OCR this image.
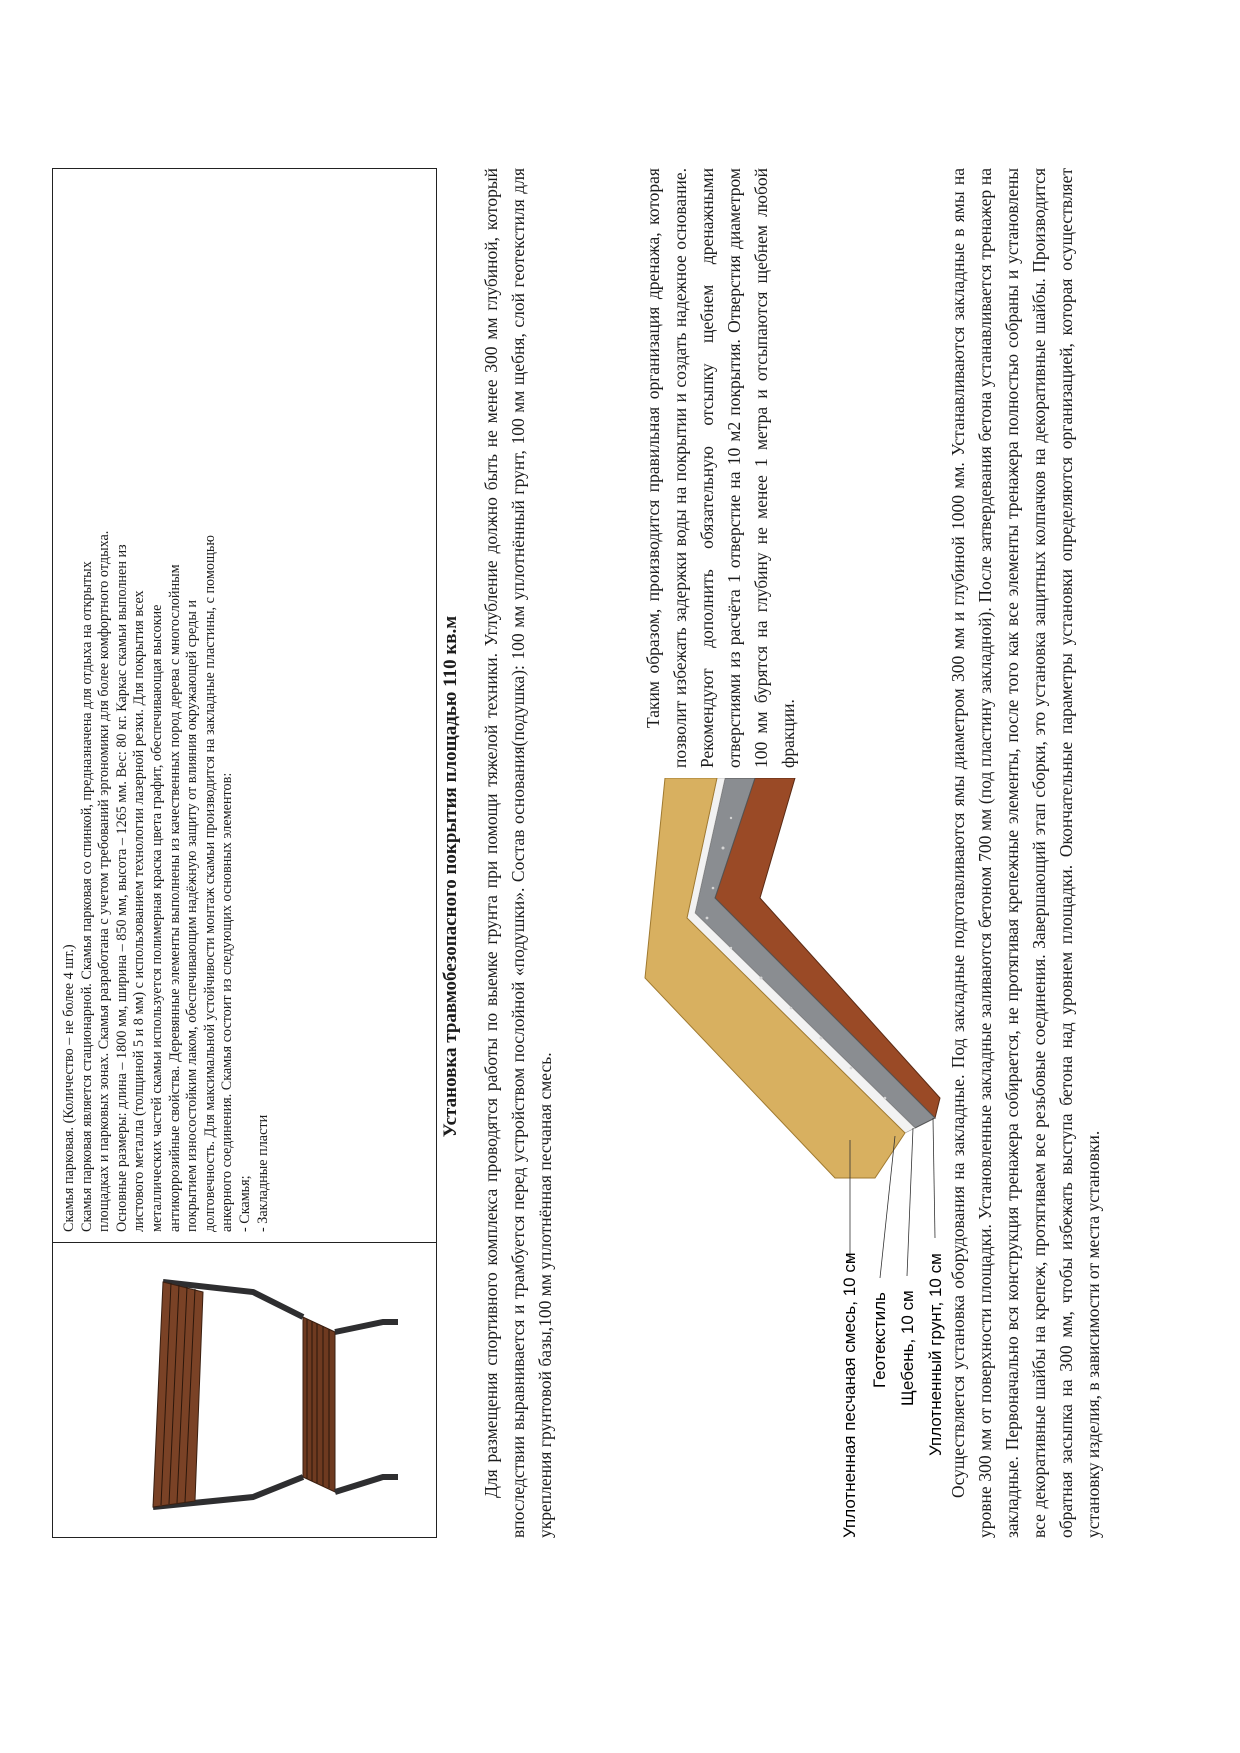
Скамья парковая. (Количество – не более 4 шт.) Скамья парковая является стационарной. Скамья парковая со спинкой, предназначена для отдыха на открытых площадках и парковых зонах. Скамья разработана с учетом требований эргономики для более комфортного отдыха. Основные размеры: длина – 1800 мм, ширина – 850 мм, высота – 1265 мм. Вес: 80 кг. Каркас скамьи выполнен из листового металла (толщиной 5 и 8 мм) с использованием технологии лазерной резки. Для покрытия всех металлических частей скамьи используется полимерная краска цвета графит, обеспечивающая высокие антикоррозийные свойства. Деревянные элементы выполнены из качественных пород дерева с многослойным покрытием износостойким лаком, обеспечивающим надёжную защиту от влияния окружающей среды и долговечность. Для максимальной устойчивости монтаж скамьи производится на закладные пластины, с помощью анкерного соединения. Скамья состоит из следующих основных элементов: - Скамья; - Закладные пласти

Установка травмобезопасного покрытия площадью 110 кв.м Для размещения спортивного комплекса проводятся работы по выемке грунта при помощи тяжелой техники. Углубление должно быть не менее 300 мм глубиной, который впоследствии выравнивается и трамбуется перед устройством послойной «подушки». Состав основания(подушка): 100 мм уплотнённый грунт, 100 мм щебня, слой геотекстиля для укрепления грунтовой базы,100 мм уплотнённая песчаная смесь.	Уплотненная песчаная смесь, 10 см Геотекстиль Щебень, 10 см Уплотненный грунт, 10 см

Таким образом, производится правильная организация дренажа, которая позволит избежать задержки воды на покрытии и создать надежное основание. Рекомендуют дополнить обязательную отсыпку щебнем дренажными отверстиями из расчёта 1 отверстие на 10 м2 покрытия. Отверстия диаметром 100 мм бурятся на глубину не менее 1 метра и отсыпаются щебнем любой фракции.	Осуществляется установка оборудования на закладные. Под закладные подготавливаются ямы диаметром 300 мм и глубиной 1000 мм. Устанавливаются закладные в ямы на уровне 300 мм от поверхности площадки. Установленные закладные заливаются бетоном 700 мм (под пластину закладной). После затвердевания бетона устанавливается тренажер на закладные. Первоначально вся конструкция тренажера собирается, не протягивая крепежные элементы, после того как все элементы тренажера полностью собраны и установлены все декоративные шайбы на крепеж, протягиваем все резьбовые соединения. Завершающий этап сборки, это установка защитных колпачков на декоративные шайбы. Производится обратная засыпка на 300 мм, чтобы избежать выступа бетона над уровнем площадки. Окончательные параметры установки определяются организацией, которая осуществляет установку изделия, в зависимости от места установки.
